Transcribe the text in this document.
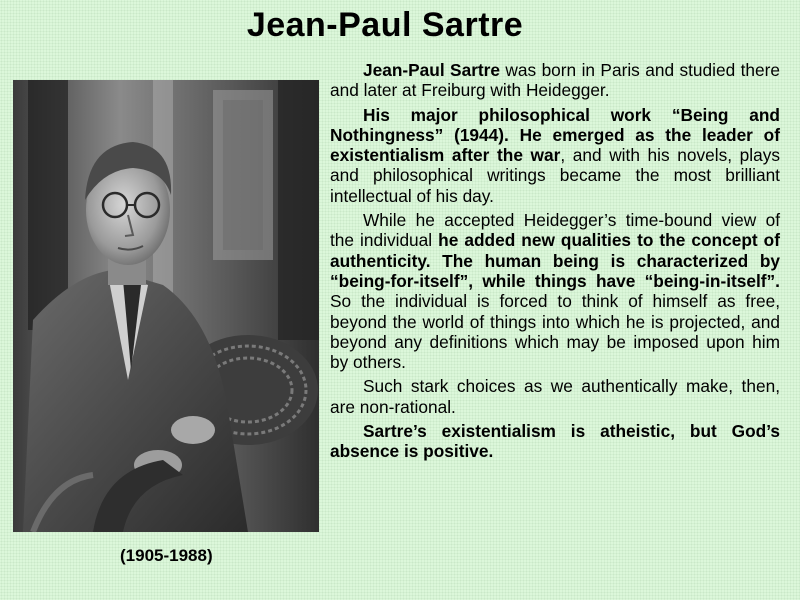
Jean-Paul Sartre
(1905-1988)

Jean-Paul Sartre was born in Paris and studied there and later at Freiburg with Heidegger.

His major philosophical work “Being and Nothingness” (1944). He emerged as the leader of existentialism after the war, and with his novels, plays and philosophical writings became the most brilliant intellectual of his day.

While he accepted Heidegger’s time-bound view of the individual he added new qualities to the concept of authenticity. The human being is characterized by “being-for-itself”, while things have “being-in-itself”. So the individual is forced to think of himself as free, beyond the world of things into which he is projected, and beyond any definitions which may be imposed upon him by others.

Such stark choices as we authentically make, then, are non-rational.

Sartre’s existentialism is atheistic, but God’s absence is positive.
